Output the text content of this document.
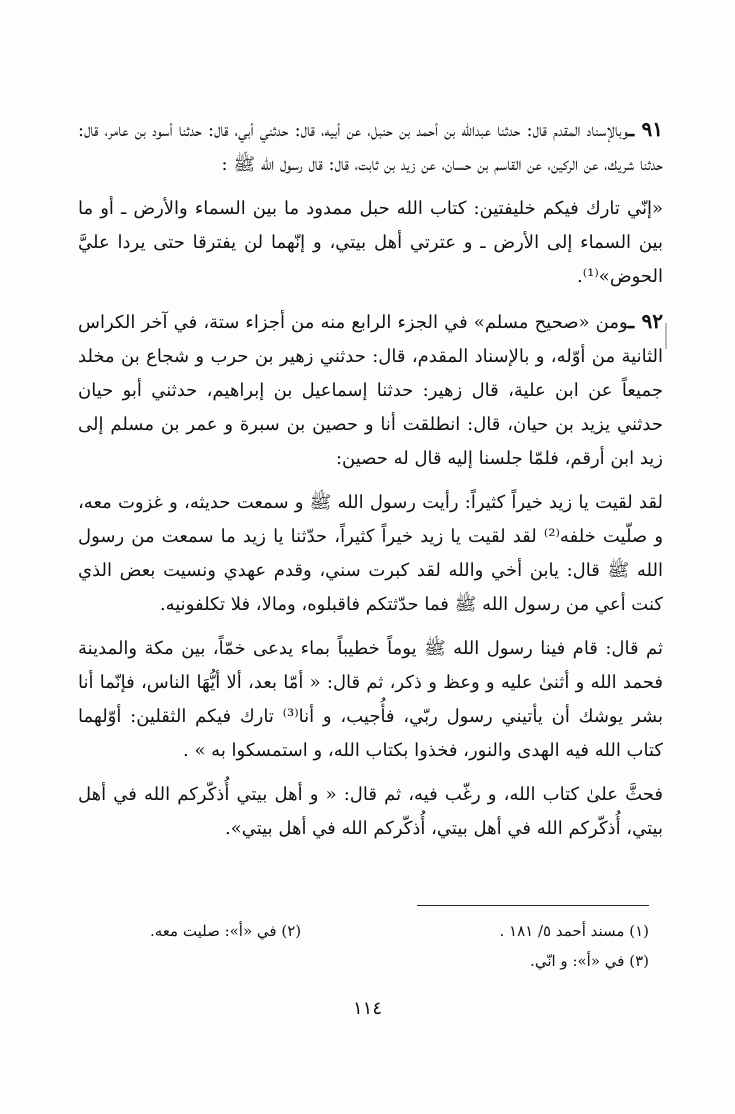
٩١ ـوبالإسناد المقدم قال: حدثنا عبدالله بن أحمد بن حنبل، عن أبيه، قال: حدثني أبي، قال: حدثنا أسود بن عامر، قال: حدثنا شريك، عن الركين، عن القاسم بن حسان، عن زيد بن ثابت، قال: قال رسول الله ﷺ :

«إنّي تارك فيكم خليفتين: كتاب الله حبل ممدود ما بين السماء والأرض ـ أو ما بين السماء إلى الأرض ـ و عترتي أهل بيتي، و إنّهما لن يفترقا حتى يردا عليَّ الحوض»⁽¹⁾.

٩٢ ـومن «صحيح مسلم» في الجزء الرابع منه من أجزاء ستة، في آخر الكراس الثانية من أوّله، و بالإسناد المقدم، قال: حدثني زهير بن حرب و شجاع بن مخلد جميعاً عن ابن علية، قال زهير: حدثنا إسماعيل بن إبراهيم، حدثني أبو حيان حدثني يزيد بن حيان، قال: انطلقت أنا و حصين بن سبرة و عمر بن مسلم إلى زيد ابن أرقم، فلمّا جلسنا إليه قال له حصين:

لقد لقيت يا زيد خيراً كثيراً: رأيت رسول الله ﷺ و سمعت حديثه، و غزوت معه، و صلّيت خلفه⁽²⁾ لقد لقيت يا زيد خيراً كثيراً، حدّثنا يا زيد ما سمعت من رسول الله ﷺ قال: يابن أخي والله لقد كبرت سني، وقدم عهدي ونسيت بعض الذي كنت أعي من رسول الله ﷺ فما حدّثتكم فاقبلوه، ومالا، فلا تكلفونيه.

ثم قال: قام فينا رسول الله ﷺ يوماً خطيباً بماء يدعى خمّاً، بين مكة والمدينة فحمد الله و أثنىٰ عليه و وعظ و ذكر، ثم قال: « أمّا بعد، ألا أيُّهَا الناس، فإنّما أنا بشر يوشك أن يأتيني رسول ربّي، فأُجيب، و أنا⁽³⁾ تارك فيكم الثقلين: أوّلهما كتاب الله فيه الهدى والنور، فخذوا بكتاب الله، و استمسكوا به » .

فحثَّ علىٰ كتاب الله، و رغّب فيه، ثم قال: « و أهل بيتي أُذكّركم الله في أهل بيتي، أُذكّركم الله في أهل بيتي، أُذكّركم الله في أهل بيتي».

(١) مسند أحمد ٥/ ١٨١ .
(٢) في «أ»: صليت معه.
(٣) في «أ»: و انّي.
١١٤
